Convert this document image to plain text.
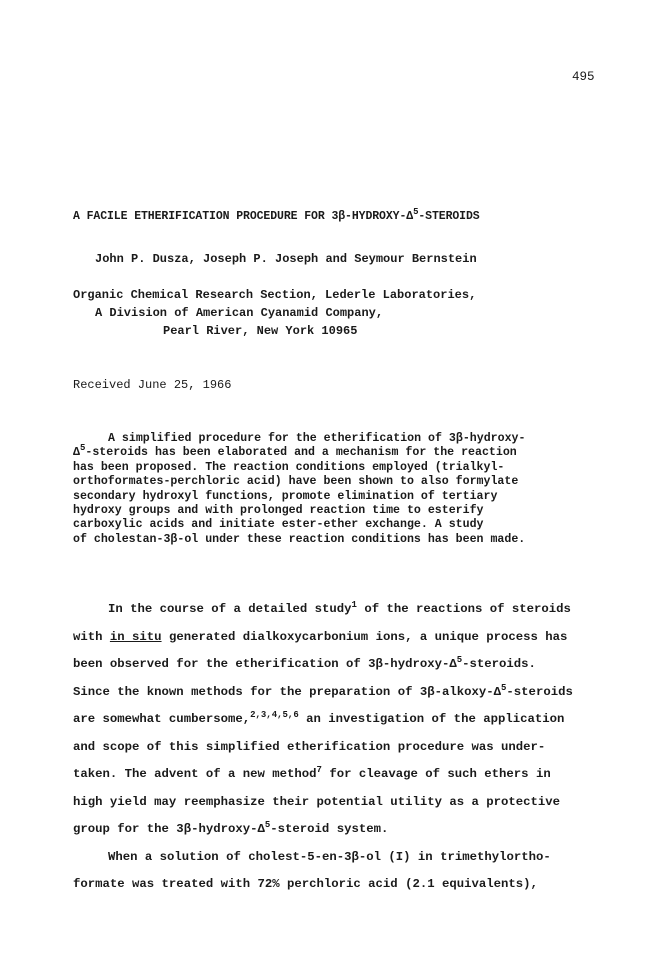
495
A FACILE ETHERIFICATION PROCEDURE FOR $3\beta-HYDROXY-\Delta^5$-STEROIDS
John P. Dusza, Joseph P. Joseph and Seymour Bernstein
Organic Chemical Research Section, Lederle Laboratories,
A Division of American Cyanamid Company,
Pearl River, New York 10965
Received June 25, 1966
A simplified procedure for the etherification of 3β-hydroxy-
$\Delta^5$-steroids has been elaborated and a mechanism for the reaction
has been proposed. The reaction conditions employed (trialkyl-
orthoformates-perchloric acid) have been shown to also formylate
secondary hydroxyl functions, promote elimination of tertiary
hydroxy groups and with prolonged reaction time to esterify
carboxylic acids and initiate ester-ether exchange. A study
of cholestan-3β-ol under these reaction conditions has been made.
In the course of a detailed study$^1$ of the reactions of steroids
with in situ generated dialkoxycarbonium ions, a unique process has
been observed for the etherification of $3\beta-hydroxy-\Delta^5$-steroids.
Since the known methods for the preparation of $3\beta-alkoxy-\Delta^5$-steroids
are somewhat cumbersome,$^{2,3,4,5,6}$ an investigation of the application
and scope of this simplified etherification procedure was under-
taken. The advent of a new method$^7$ for cleavage of such ethers in
high yield may reemphasize their potential utility as a protective
group for the $3\beta-hydroxy-\Delta^5$-steroid system.
When a solution of cholest-5-en-3β-ol (I) in trimethylortho-
formate was treated with 72% perchloric acid (2.1 equivalents),
